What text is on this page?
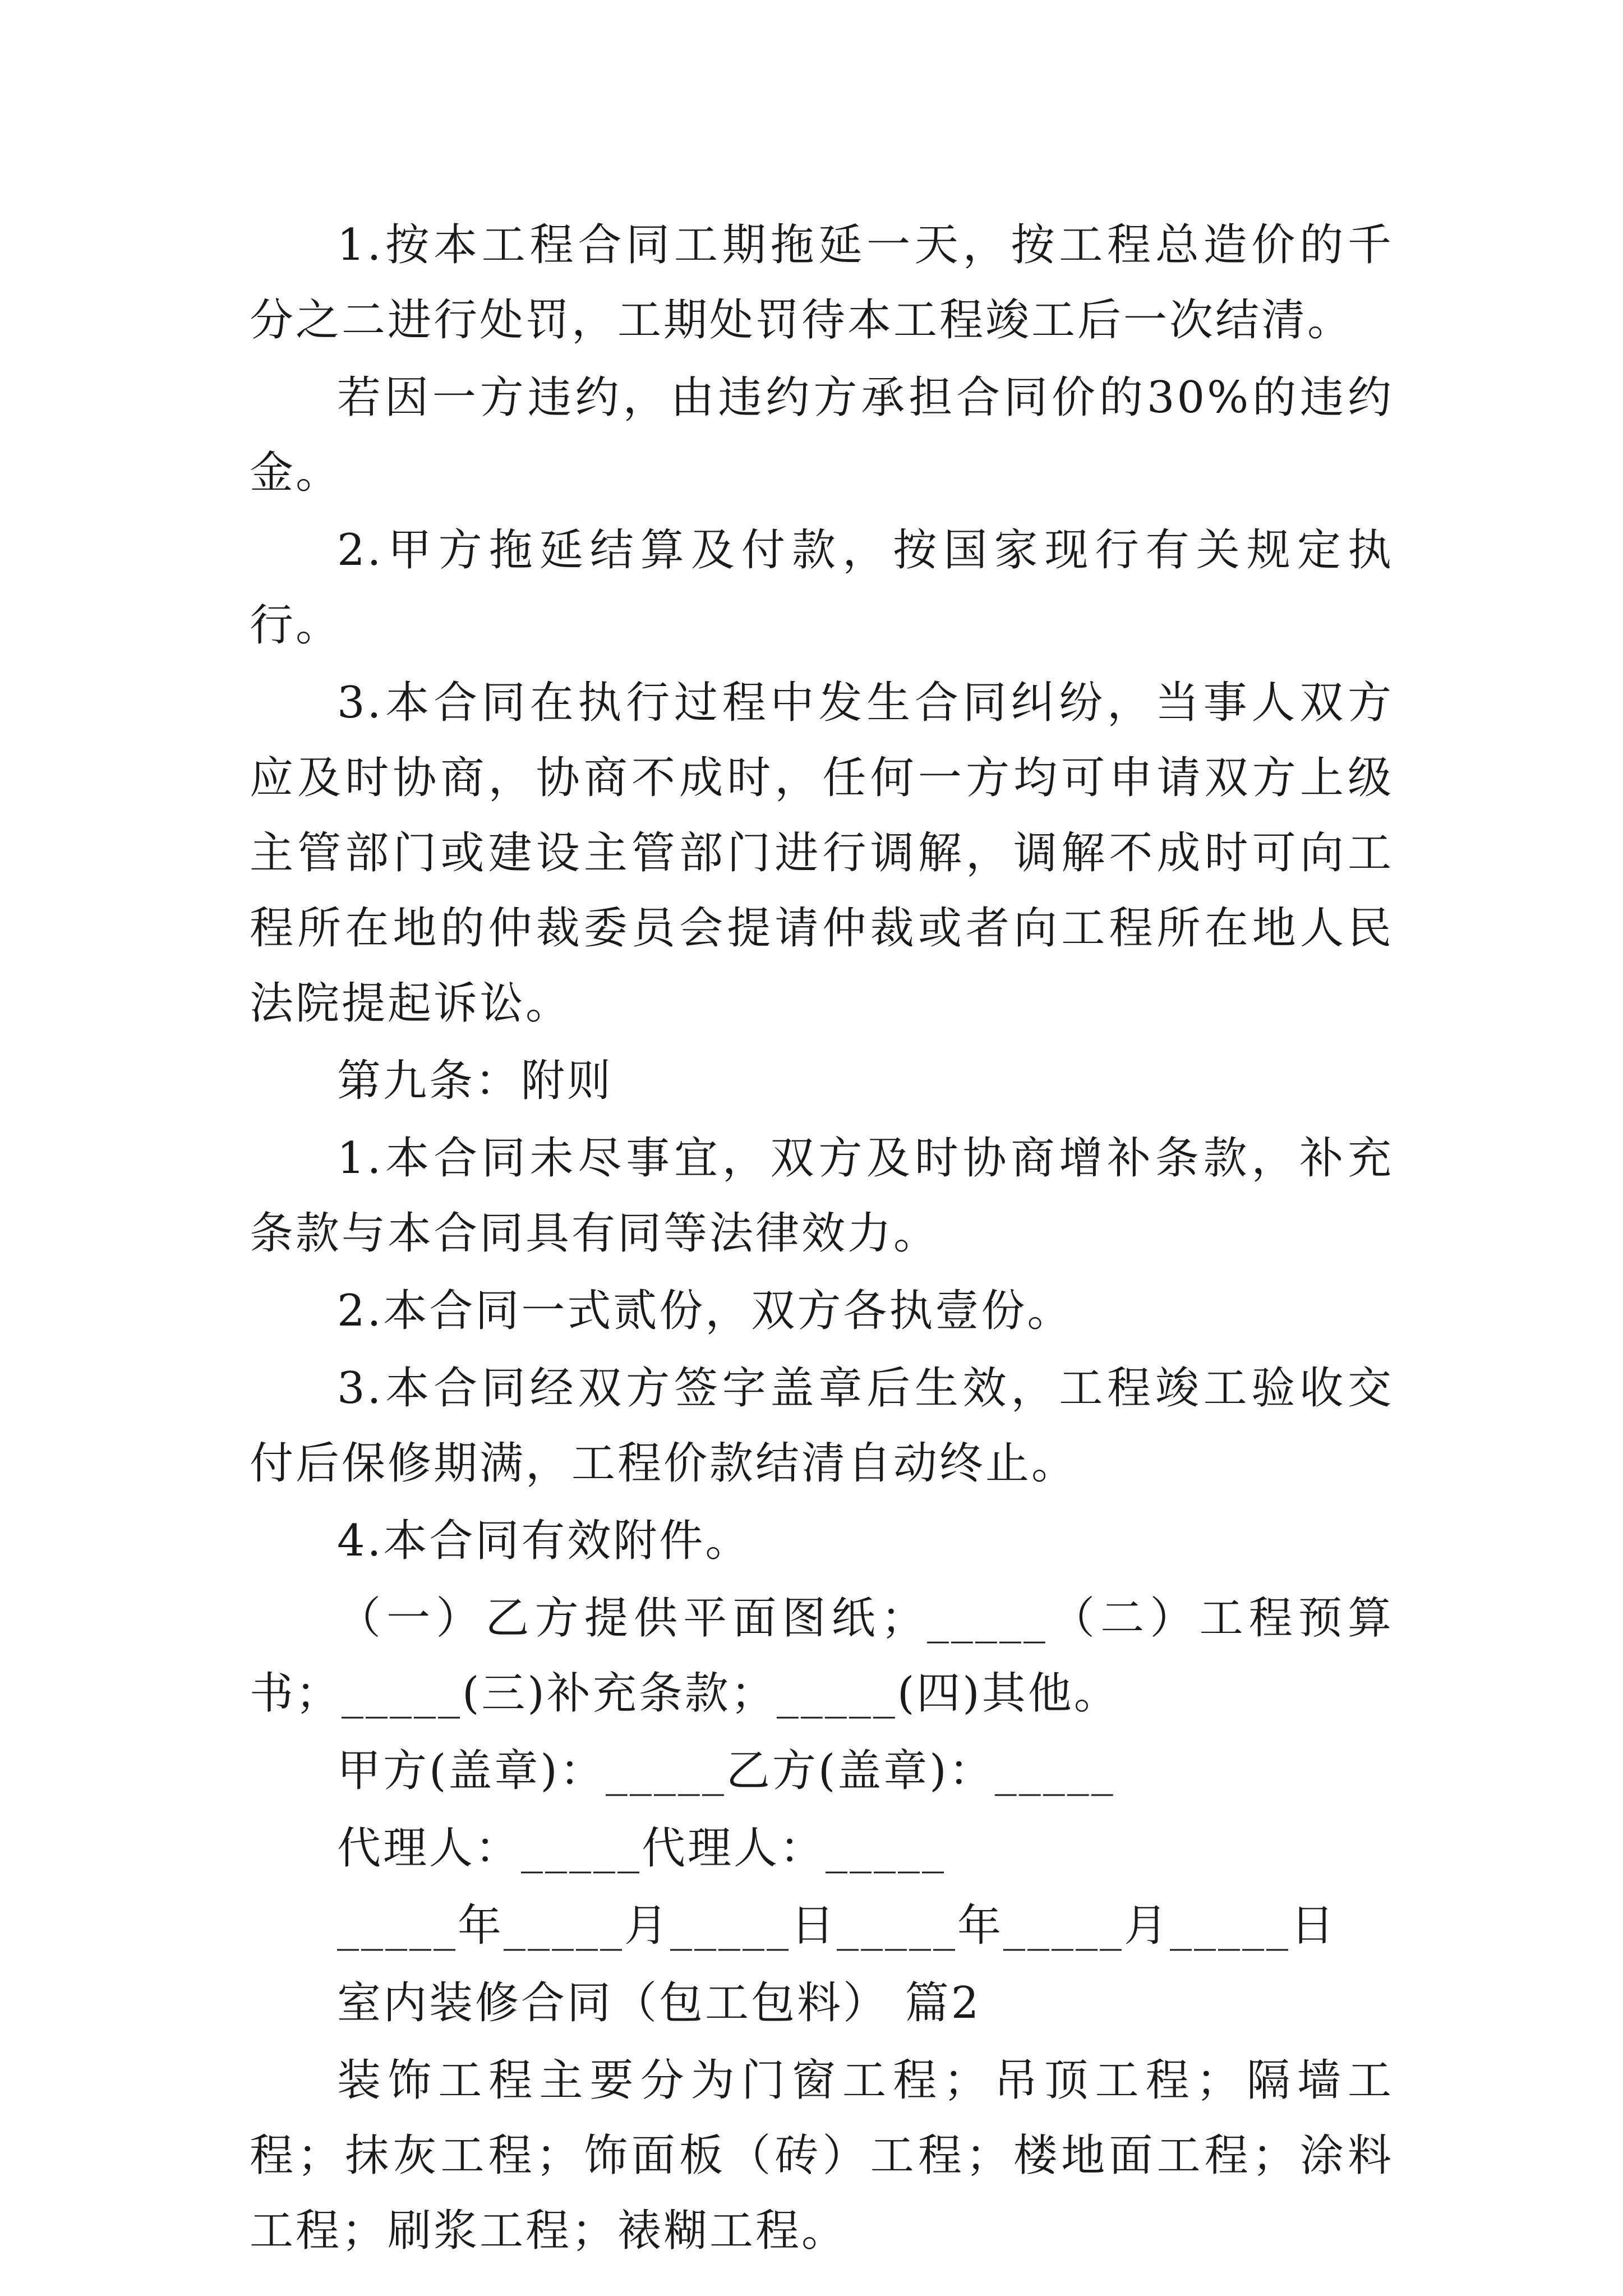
1.按本工程合同工期拖延一天，按工程总造价的千分之二进行处罚，工期处罚待本工程竣工后一次结清。

若因一方违约，由违约方承担合同价的30%的违约金。

2.甲方拖延结算及付款，按国家现行有关规定执行。

3.本合同在执行过程中发生合同纠纷，当事人双方应及时协商，协商不成时，任何一方均可申请双方上级主管部门或建设主管部门进行调解，调解不成时可向工程所在地的仲裁委员会提请仲裁或者向工程所在地人民法院提起诉讼。

第九条：附则

1.本合同未尽事宜，双方及时协商增补条款，补充条款与本合同具有同等法律效力。

2.本合同一式贰份，双方各执壹份。

3.本合同经双方签字盖章后生效，工程竣工验收交付后保修期满，工程价款结清自动终止。

4.本合同有效附件。

（一）乙方提供平面图纸；_____（二）工程预算书；_____(三)补充条款；_____(四)其他。

甲方(盖章)：_____乙方(盖章)：_____

代理人：_____代理人：_____

_____年_____月_____日_____年_____月_____日

室内装修合同（包工包料） 篇2

装饰工程主要分为门窗工程；吊顶工程；隔墙工程；抹灰工程；饰面板（砖）工程；楼地面工程；涂料工程；刷浆工程；裱糊工程。
